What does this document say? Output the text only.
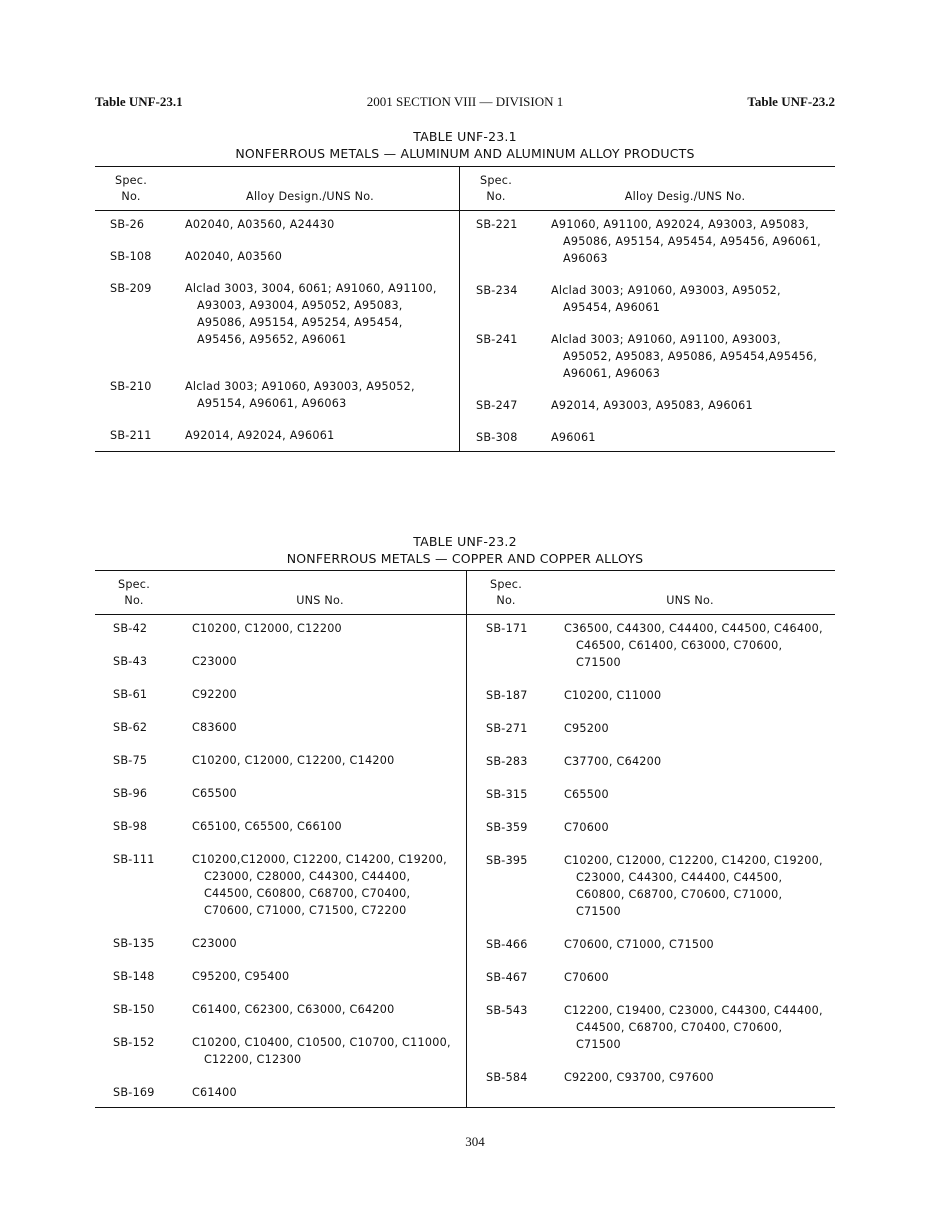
Table UNF-23.1	2001 SECTION VIII — DIVISION 1	Table UNF-23.2
TABLE UNF-23.1
NONFERROUS METALS — ALUMINUM AND ALUMINUM ALLOY PRODUCTS
Spec.
No.	Alloy Design./UNS No.
Spec.
No.	Alloy Desig./UNS No.
SB-26	A02040, A03560, A24430
SB-108	A02040, A03560
SB-209	Alclad 3003, 3004, 6061; A91060, A91100, A93003, A93004, A95052, A95083, A95086, A95154, A95254, A95454, A95456, A95652, A96061
SB-210	Alclad 3003; A91060, A93003, A95052, A95154, A96061, A96063
SB-211	A92014, A92024, A96061
SB-221	A91060, A91100, A92024, A93003, A95083, A95086, A95154, A95454, A95456, A96061, A96063
SB-234	Alclad 3003; A91060, A93003, A95052, A95454, A96061
SB-241	Alclad 3003; A91060, A91100, A93003, A95052, A95083, A95086, A95454,A95456, A96061, A96063
SB-247	A92014, A93003, A95083, A96061
SB-308	A96061
TABLE UNF-23.2
NONFERROUS METALS — COPPER AND COPPER ALLOYS
Spec.
No.	UNS No.
Spec.
No.	UNS No.
SB-42	C10200, C12000, C12200
SB-43	C23000
SB-61	C92200
SB-62	C83600
SB-75	C10200, C12000, C12200, C14200
SB-96	C65500
SB-98	C65100, C65500, C66100
SB-111	C10200,C12000, C12200, C14200, C19200, C23000, C28000, C44300, C44400, C44500, C60800, C68700, C70400, C70600, C71000, C71500, C72200
SB-135	C23000
SB-148	C95200, C95400
SB-150	C61400, C62300, C63000, C64200
SB-152	C10200, C10400, C10500, C10700, C11000, C12200, C12300
SB-169	C61400
SB-171	C36500, C44300, C44400, C44500, C46400, C46500, C61400, C63000, C70600, C71500
SB-187	C10200, C11000
SB-271	C95200
SB-283	C37700, C64200
SB-315	C65500
SB-359	C70600
SB-395	C10200, C12000, C12200, C14200, C19200, C23000, C44300, C44400, C44500, C60800, C68700, C70600, C71000, C71500
SB-466	C70600, C71000, C71500
SB-467	C70600
SB-543	C12200, C19400, C23000, C44300, C44400, C44500, C68700, C70400, C70600, C71500
SB-584	C92200, C93700, C97600
304
